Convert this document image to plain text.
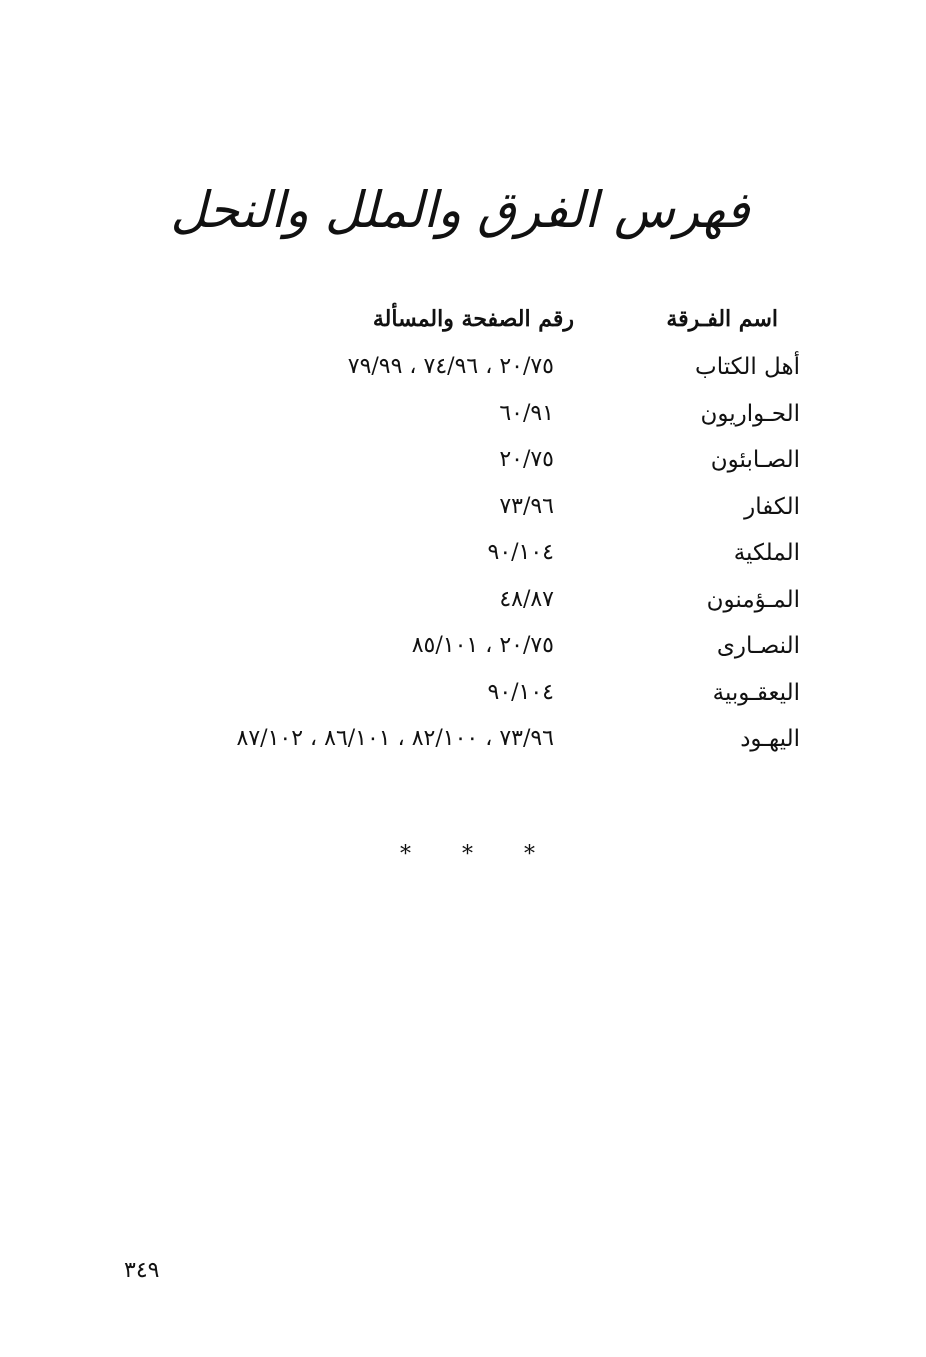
فهرس الفرق والملل والنحل
اسم الفـرقة
رقم الصفحة والمسألة
أهل الكتاب
٢٠/٧٥ ، ٧٤/٩٦ ، ٧٩/٩٩
الحـواريون
٦٠/٩١
الصـابئون
٢٠/٧٥
الكفار
٧٣/٩٦
الملكية
٩٠/١٠٤
المـؤمنون
٤٨/٨٧
النصـارى
٢٠/٧٥ ، ٨٥/١٠١
اليعقـوبية
٩٠/١٠٤
اليهـود
٧٣/٩٦ ، ٨٢/١٠٠ ، ٨٦/١٠١ ، ٨٧/١٠٢
* * *
٣٤٩
